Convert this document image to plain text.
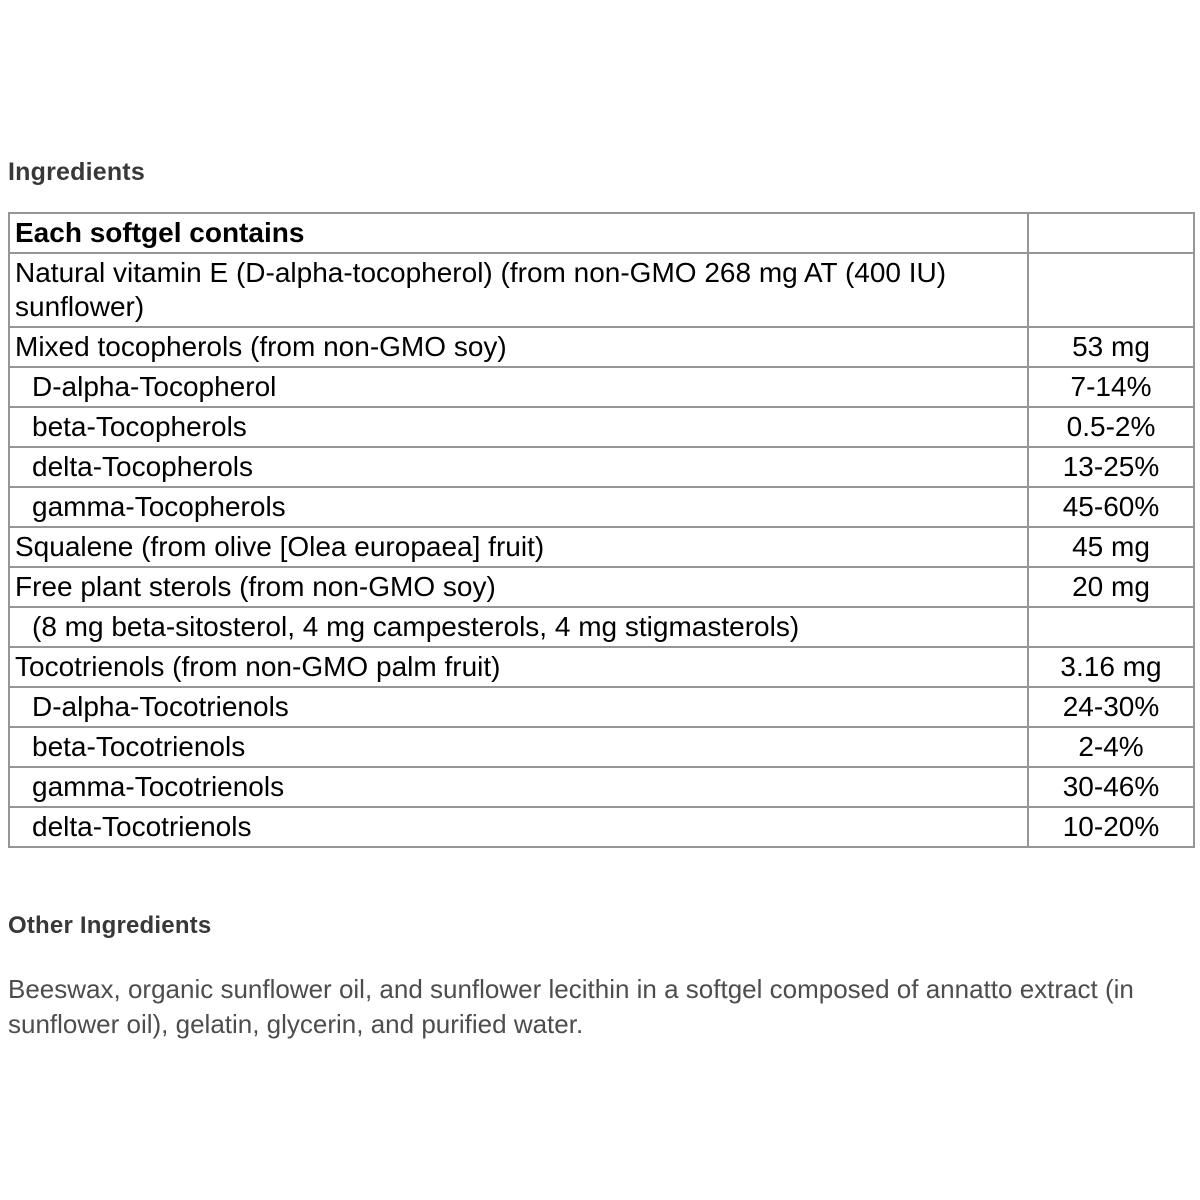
Ingredients
Each softgel contains	
Natural vitamin E (D-alpha-tocopherol) (from non-GMO 268 mg AT (400 IU) sunflower)	
Mixed tocopherols (from non-GMO soy)	53 mg
D-alpha-Tocopherol	7-14%
beta-Tocopherols	0.5-2%
delta-Tocopherols	13-25%
gamma-Tocopherols	45-60%
Squalene (from olive [Olea europaea] fruit)	45 mg
Free plant sterols (from non-GMO soy)	20 mg
(8 mg beta-sitosterol, 4 mg campesterols, 4 mg stigmasterols)	
Tocotrienols (from non-GMO palm fruit)	3.16 mg
D-alpha-Tocotrienols	24-30%
beta-Tocotrienols	2-4%
gamma-Tocotrienols	30-46%
delta-Tocotrienols	10-20%
Other Ingredients
Beeswax, organic sunflower oil, and sunflower lecithin in a softgel composed of annatto extract (in sunflower oil), gelatin, glycerin, and purified water.
